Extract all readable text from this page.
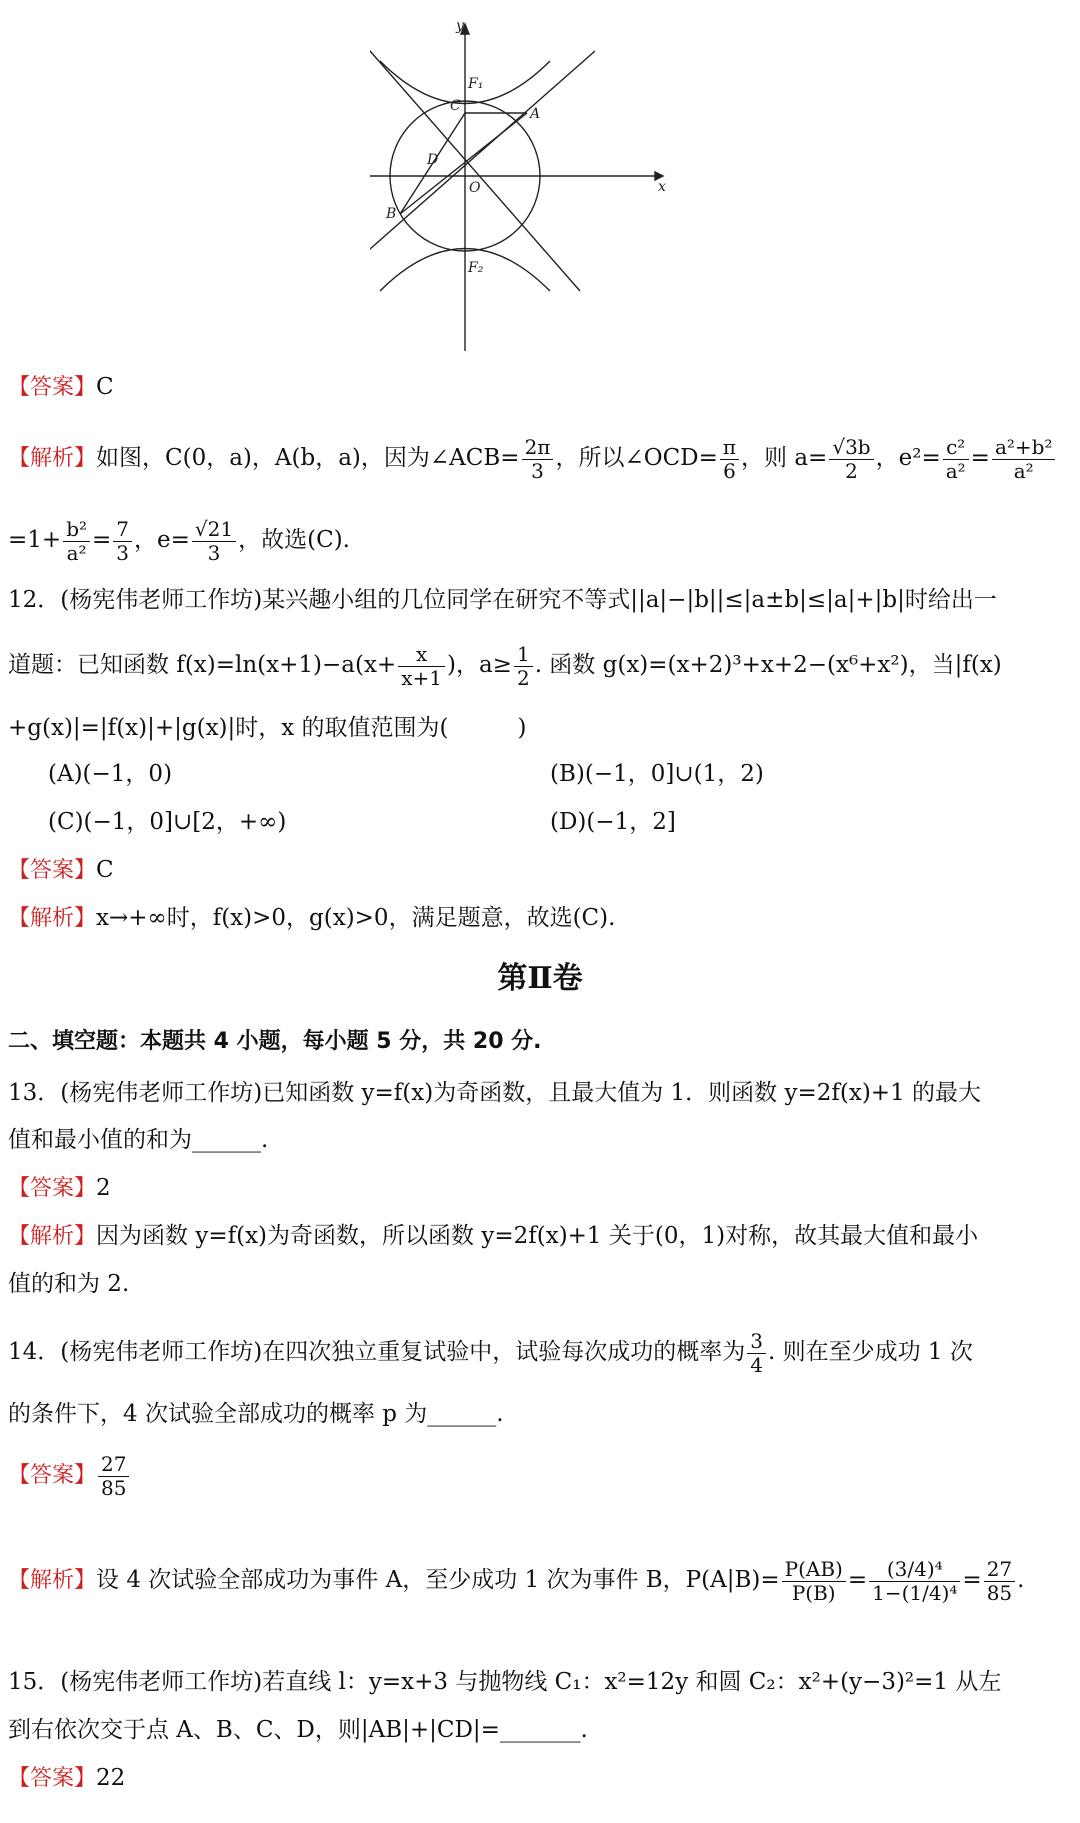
y
x
O
F₁
F₂
A
B
C
D
【答案】C
【解析】如图，C(0，a)，A(b，a)，因为∠ACB= $\frac{2\pi}{3}$ ，所以∠OCD= $\frac{\pi}{6}$ ，则 $a= \frac{√3b}{2}$ ，$e^2= \frac{\text{c²}}{\text{a²}} = \frac{\text{a²+b²}}{\text{a²}}$
$=1+ \frac{\text{b²}}{\text{a²}} = \frac{7}{3}$ ，$e= \frac{√21}{3}$ ，故选(C).
12．(杨宪伟老师工作坊)某兴趣小组的几位同学在研究不等式||a|−|b||≤|a±b|≤|a|+|b|时给出一
道题：已知函数 $f(x)=\ln(x+1)-a(x+ \frac{x}{x+1}$ )，$a\ge \frac{1}{2}$ . 函数 g(x)=(x+2)³+x+2−(x⁶+x²)，当|f(x)
+g(x)|=|f(x)|+|g(x)|时，x 的取值范围为(　　　)
(A)(−1，0)	(B)(−1，0]∪(1，2)
(C)(−1，0]∪[2，+∞)	(D)(−1，2]
【答案】C
【解析】x→+∞时，f(x)>0，g(x)>0，满足题意，故选(C).
第Ⅱ卷
二、填空题：本题共 4 小题，每小题 5 分，共 20 分.
13．(杨宪伟老师工作坊)已知函数 y=f(x)为奇函数，且最大值为 1．则函数 y=2f(x)+1 的最大
值和最小值的和为______.
【答案】2
【解析】因为函数 y=f(x)为奇函数，所以函数 y=2f(x)+1 关于(0，1)对称，故其最大值和最小
值的和为 2.
14．(杨宪伟老师工作坊)在四次独立重复试验中，试验每次成功的概率为 $\frac{3}{4}$ . 则在至少成功 1 次
的条件下，4 次试验全部成功的概率 p 为______.
【答案】 $\frac{27}{85}$
【解析】设 4 次试验全部成功为事件 A，至少成功 1 次为事件 B，$P(A|B)= \frac{P(AB)}{P(B)} = \frac{\text{(3/4)⁴}}{\text{1−(1/4)⁴}} = \frac{27}{85}$ .
15．(杨宪伟老师工作坊)若直线 l：y=x+3 与抛物线 C₁：x²=12y 和圆 C₂：x²+(y−3)²=1 从左
到右依次交于点 A、B、C、D，则|AB|+|CD|=_______.
【答案】22
